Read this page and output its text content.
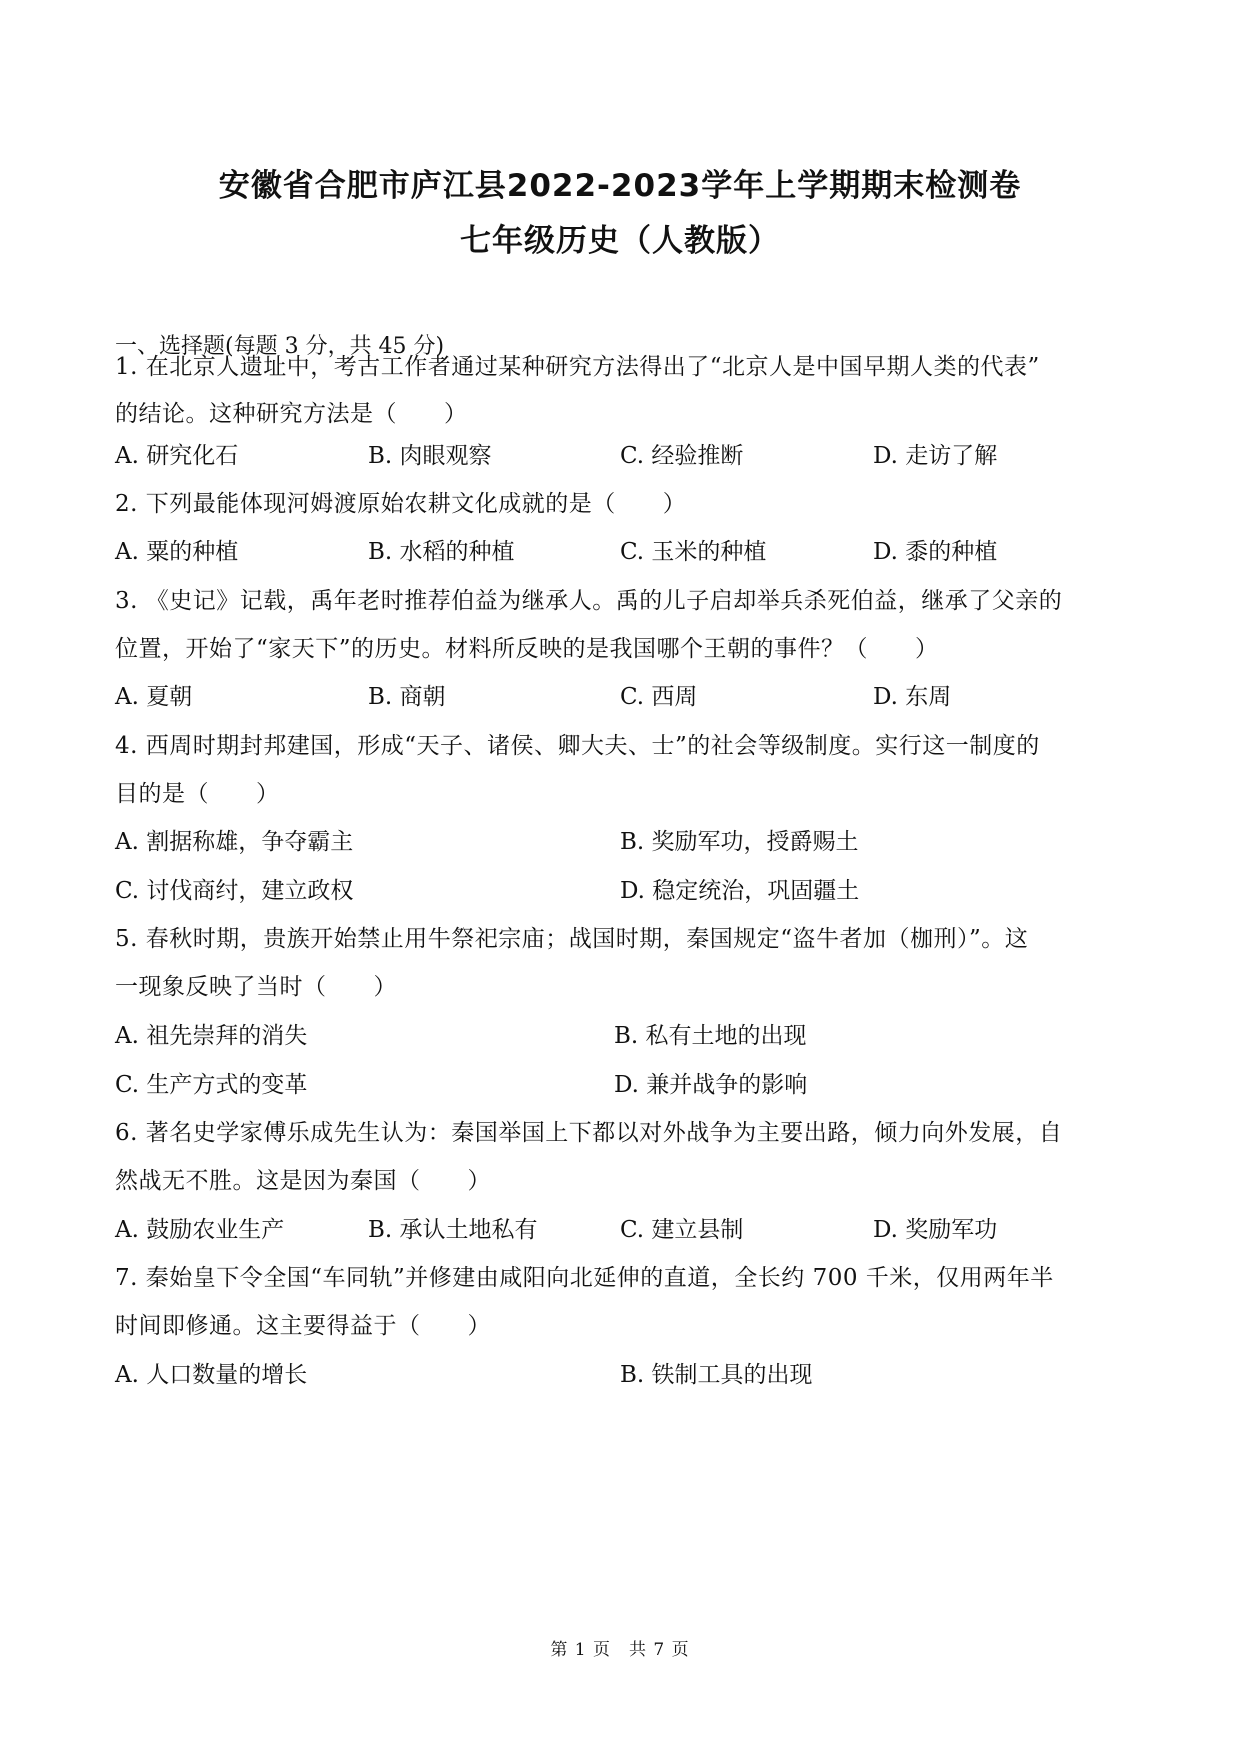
安徽省合肥市庐江县2022-2023学年上学期期末检测卷
七年级历史（人教版）
一、选择题(每题 3 分，共 45 分)
1. 在北京人遗址中，考古工作者通过某种研究方法得出了“北京人是中国早期人类的代表”
的结论。这种研究方法是（　　）
A. 研究化石	B. 肉眼观察	C. 经验推断	D. 走访了解
2. 下列最能体现河姆渡原始农耕文化成就的是（　　）
A. 粟的种植	B. 水稻的种植	C. 玉米的种植	D. 黍的种植
3. 《史记》记载，禹年老时推荐伯益为继承人。禹的儿子启却举兵杀死伯益，继承了父亲的
位置，开始了“家天下”的历史。材料所反映的是我国哪个王朝的事件？（　　）
A. 夏朝	B. 商朝	C. 西周	D. 东周
4. 西周时期封邦建国，形成“天子、诸侯、卿大夫、士”的社会等级制度。实行这一制度的
目的是（　　）
A. 割据称雄，争夺霸主	B. 奖励军功，授爵赐土
C. 讨伐商纣，建立政权	D. 稳定统治，巩固疆土
5. 春秋时期，贵族开始禁止用牛祭祀宗庙；战国时期，秦国规定“盗牛者加（枷刑）”。这
一现象反映了当时（　　）
A. 祖先崇拜的消失	B. 私有土地的出现
C. 生产方式的变革	D. 兼并战争的影响
6. 著名史学家傅乐成先生认为：秦国举国上下都以对外战争为主要出路，倾力向外发展，自
然战无不胜。这是因为秦国（　　）
A. 鼓励农业生产	B. 承认土地私有	C. 建立县制	D. 奖励军功
7. 秦始皇下令全国“车同轨”并修建由咸阳向北延伸的直道，全长约 700 千米，仅用两年半
时间即修通。这主要得益于（　　）
A. 人口数量的增长	B. 铁制工具的出现
第 1 页　共 7 页
